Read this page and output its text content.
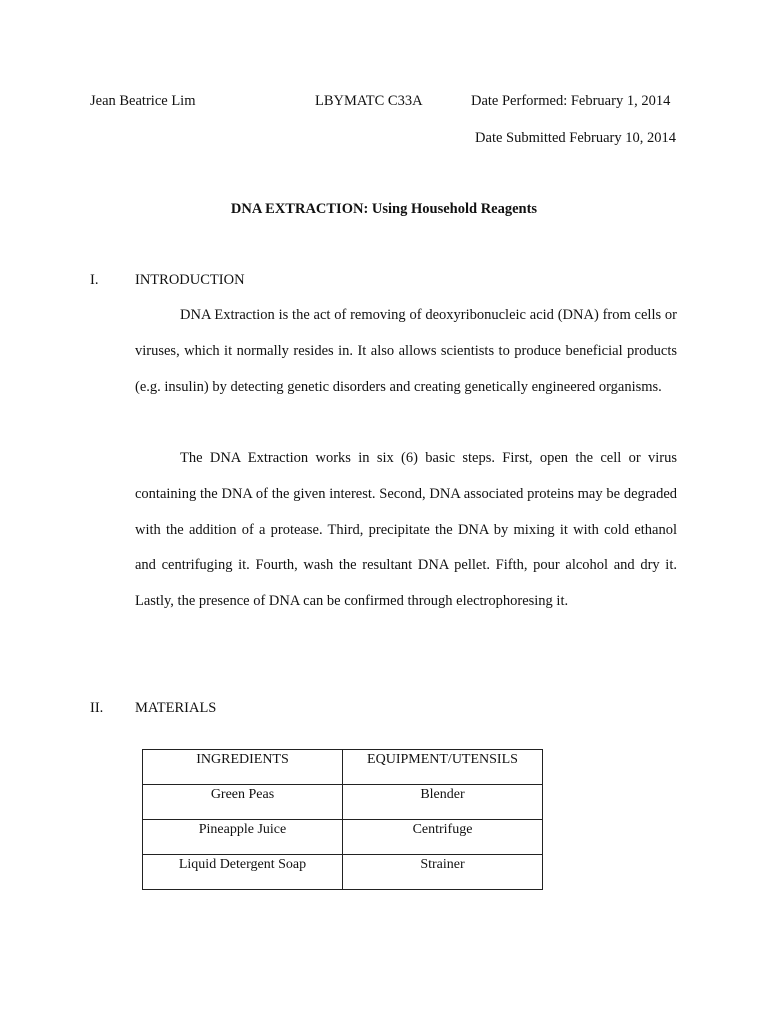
Jean Beatrice Lim	LBYMATC C33A	Date Performed: February 1, 2014
Date Submitted February 10, 2014
DNA EXTRACTION: Using Household Reagents
I.	INTRODUCTION

DNA Extraction is the act of removing of deoxyribonucleic acid (DNA) from cells or viruses, which it normally resides in. It also allows scientists to produce beneficial products (e.g. insulin) by detecting genetic disorders and creating genetically engineered organisms.

The DNA Extraction works in six (6) basic steps. First, open the cell or virus containing the DNA of the given interest. Second, DNA associated proteins may be degraded with the addition of a protease. Third, precipitate the DNA by mixing it with cold ethanol and centrifuging it. Fourth, wash the resultant DNA pellet. Fifth, pour alcohol and dry it. Lastly, the presence of DNA can be confirmed through electrophoresing it.

II. MATERIALS
INGREDIENTS	EQUIPMENT/UTENSILS
Green Peas	Blender
Pineapple Juice	Centrifuge
Liquid Detergent Soap	Strainer
